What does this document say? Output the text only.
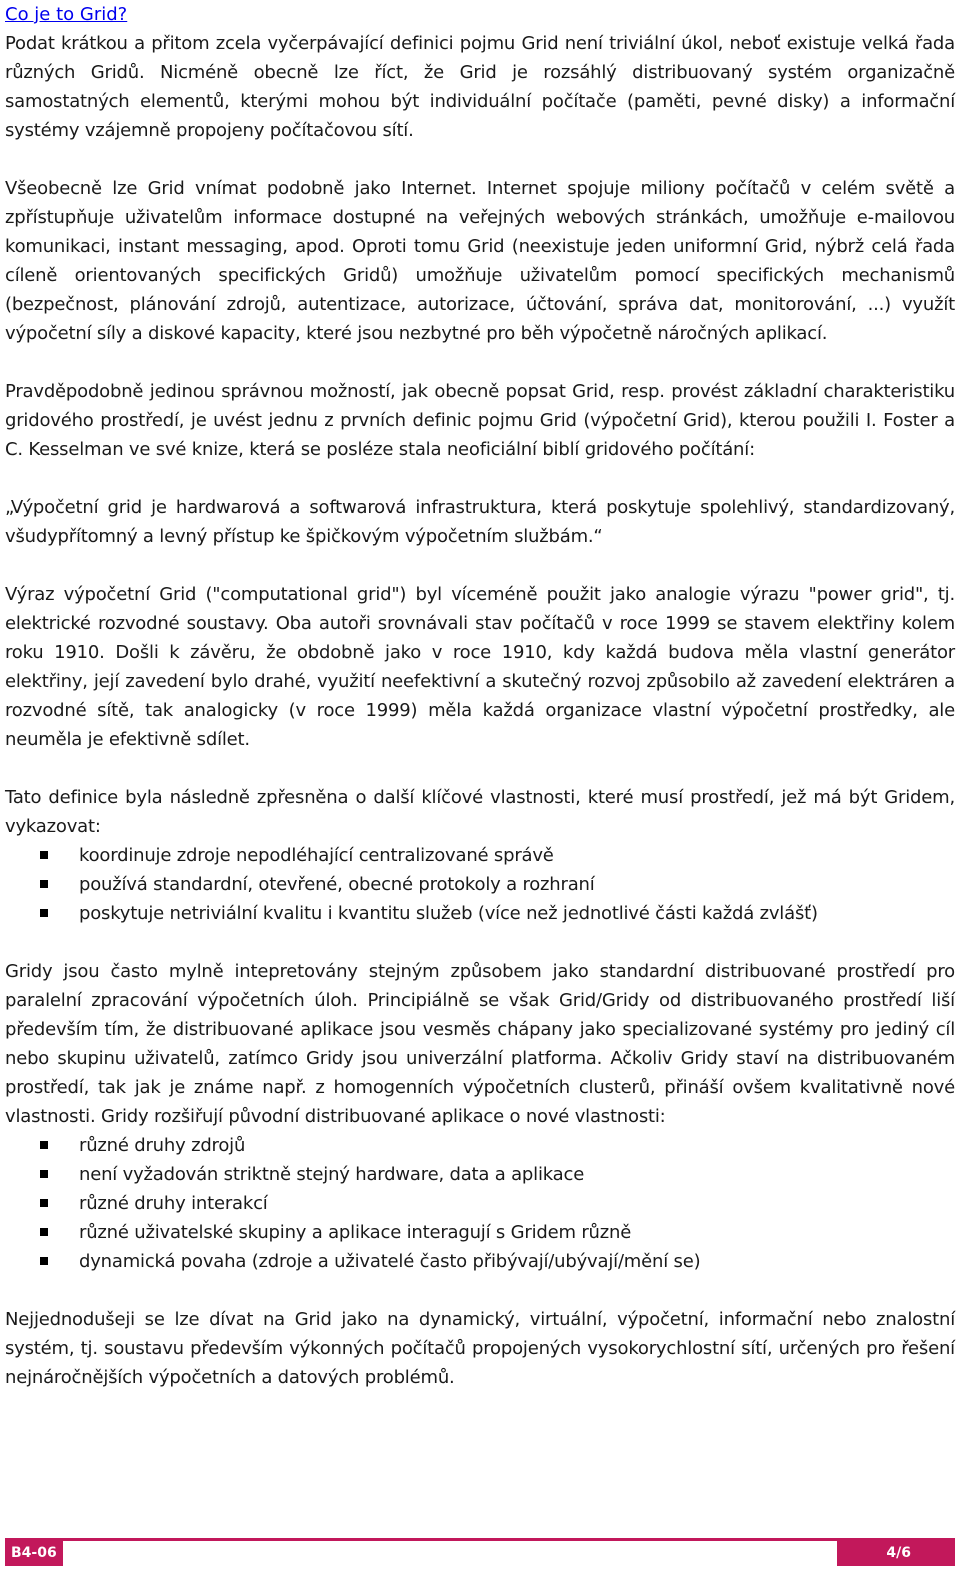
Co je to Grid?

Podat krátkou a přitom zcela vyčerpávající definici pojmu Grid není triviální úkol, neboť existuje velká řada různých Gridů. Nicméně obecně lze říct, že Grid je rozsáhlý distribuovaný systém organizačně samostatných elementů, kterými mohou být individuální počítače (paměti, pevné disky) a informační systémy vzájemně propojeny počítačovou sítí.

Všeobecně lze Grid vnímat podobně jako Internet. Internet spojuje miliony počítačů v celém světě a zpřístupňuje uživatelům informace dostupné na veřejných webových stránkách, umožňuje e-mailovou komunikaci, instant messaging, apod. Oproti tomu Grid (neexistuje jeden uniformní Grid, nýbrž celá řada cíleně orientovaných specifických Gridů) umožňuje uživatelům pomocí specifických mechanismů (bezpečnost, plánování zdrojů, autentizace, autorizace, účtování, správa dat, monitorování, ...) využít výpočetní síly a diskové kapacity, které jsou nezbytné pro běh výpočetně náročných aplikací.

Pravděpodobně jedinou správnou možností, jak obecně popsat Grid, resp. provést základní charakteristiku gridového prostředí, je uvést jednu z prvních definic pojmu Grid (výpočetní Grid), kterou použili I. Foster a C. Kesselman ve své knize, která se posléze stala neoficiální biblí gridového počítání:

„Výpočetní grid je hardwarová a softwarová infrastruktura, která poskytuje spolehlivý, standardizovaný, všudypřítomný a levný přístup ke špičkovým výpočetním službám.“

Výraz výpočetní Grid ("computational grid") byl víceméně použit jako analogie výrazu "power grid", tj. elektrické rozvodné soustavy. Oba autoři srovnávali stav počítačů v roce 1999 se stavem elektřiny kolem roku 1910. Došli k závěru, že obdobně jako v roce 1910, kdy každá budova měla vlastní generátor elektřiny, její zavedení bylo drahé, využití neefektivní a skutečný rozvoj způsobilo až zavedení elektráren a rozvodné sítě, tak analogicky (v roce 1999) měla každá organizace vlastní výpočetní prostředky, ale neuměla je efektivně sdílet.

Tato definice byla následně zpřesněna o další klíčové vlastnosti, které musí prostředí, jež má být Gridem, vykazovat:

koordinuje zdroje nepodléhající centralizované správě
používá standardní, otevřené, obecné protokoly a rozhraní
poskytuje netriviální kvalitu i kvantitu služeb (více než jednotlivé části každá zvlášť)

Gridy jsou často mylně intepretovány stejným způsobem jako standardní distribuované prostředí pro paralelní zpracování výpočetních úloh. Principiálně se však Grid/Gridy od distribuovaného prostředí liší především tím, že distribuované aplikace jsou vesměs chápany jako specializované systémy pro jediný cíl nebo skupinu uživatelů, zatímco Gridy jsou univerzální platforma. Ačkoliv Gridy staví na distribuovaném prostředí, tak jak je známe např. z homogenních výpočetních clusterů, přináší ovšem kvalitativně nové vlastnosti. Gridy rozšiřují původní distribuované aplikace o nové vlastnosti:

různé druhy zdrojů
není vyžadován striktně stejný hardware, data a aplikace
různé druhy interakcí
různé uživatelské skupiny a aplikace interagují s Gridem různě
dynamická povaha (zdroje a uživatelé často přibývají/ubývají/mění se)

Nejjednodušeji se lze dívat na Grid jako na dynamický, virtuální, výpočetní, informační nebo znalostní systém, tj. soustavu především výkonných počítačů propojených vysokorychlostní sítí, určených pro řešení nejnáročnějších výpočetních a datových problémů.

B4-06	4/6
